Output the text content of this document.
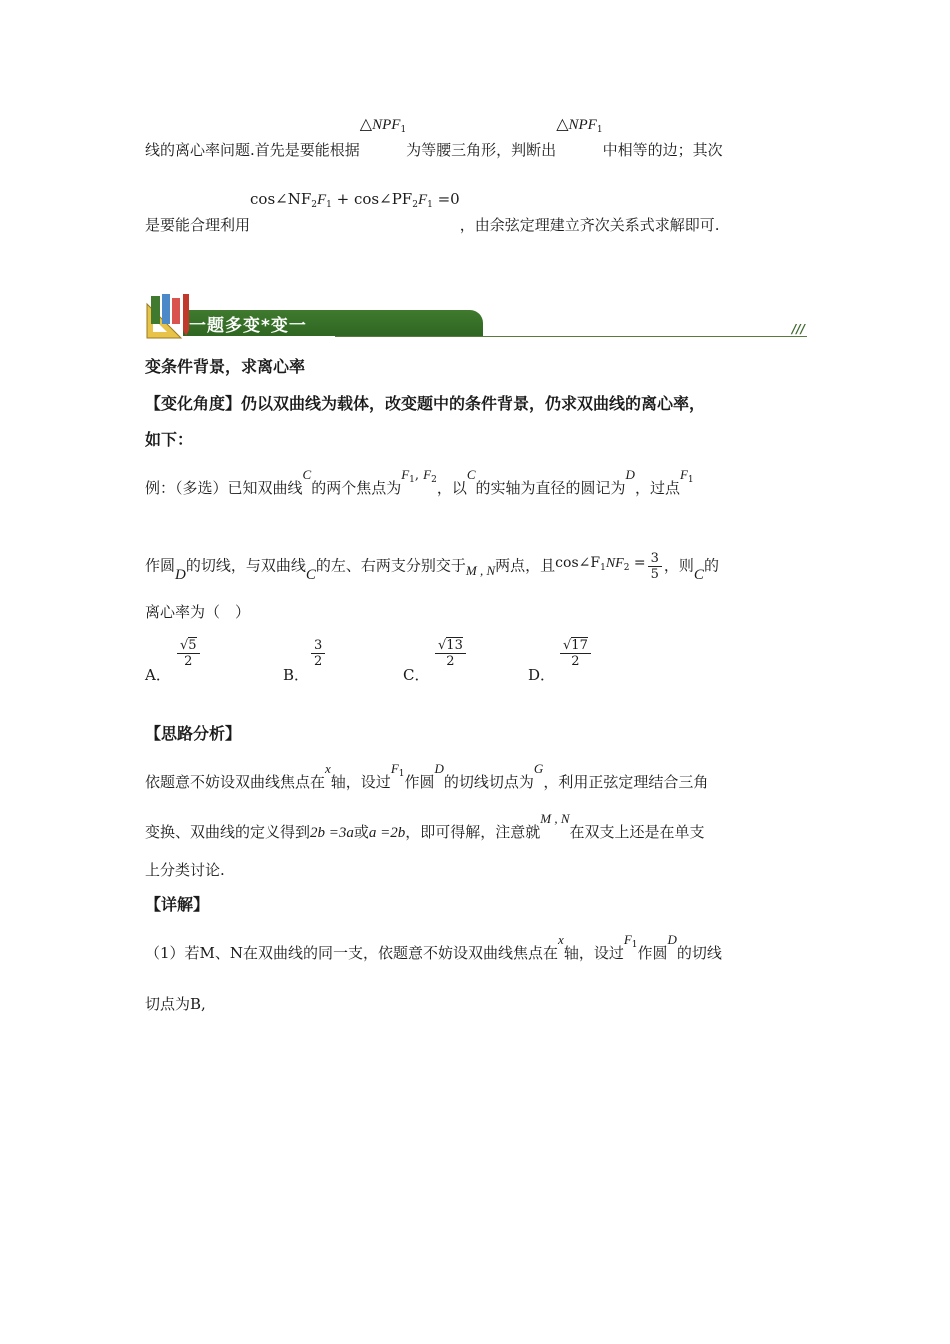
线的离心率问题.首先是要能根据$\triangle NPF_1$为等腰三角形，判断出$\triangle NPF_1$中相等的边；其次
是要能合理利用$\cos\angle NF_2F_1$ + $\cos\angle PF_2F_1 =0$，由余弦定理建立齐次关系式求解即可.
一题多变*变一	///
变条件背景，求离心率
【变化角度】仍以双曲线为载体，改变题中的条件背景，仍求双曲线的离心率，
如下：
例：（多选）已知双曲线C的两个焦点为$F_1$, $F_2$，以C的实轴为直径的圆记为D，过点$F_1$
作圆D的切线，与双曲线C的左、右两支分别交于M , N两点，且$\cos\angle F_1NF_2 = \frac{3}{5}$ ，则C的
离心率为（　）
A．
$\frac{√5}{2}$
B．
$\frac{3}{2}$
C．
$\frac{√13}{2}$
D．
$\frac{√17}{2}$
【思路分析】
依题意不妨设双曲线焦点在x轴，设过$F_1$作圆D的切线切点为G，利用正弦定理结合三角
变换、双曲线的定义得到2b =3a或a =2b，即可得解，注意就M , N在双支上还是在单支
上分类讨论.
【详解】
（1）若M、N在双曲线的同一支，依题意不妨设双曲线焦点在x轴，设过$F_1$作圆D的切线
切点为B,
